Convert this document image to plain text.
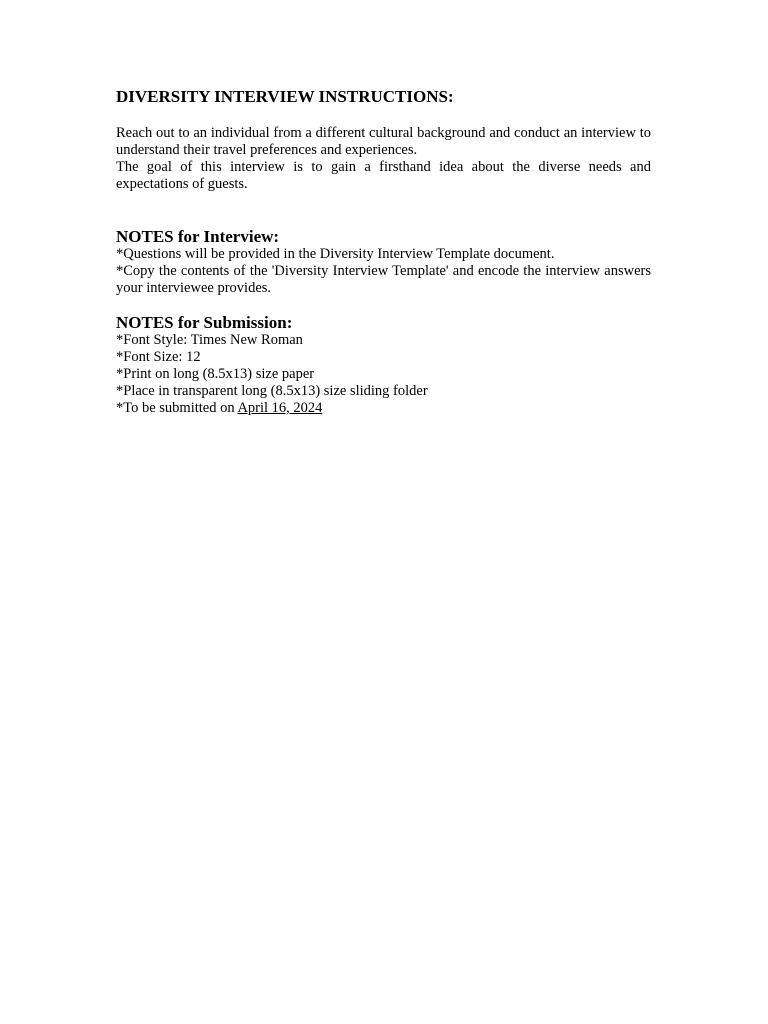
DIVERSITY INTERVIEW INSTRUCTIONS:

Reach out to an individual from a different cultural background and conduct an interview to understand their travel preferences and experiences.

The goal of this interview is to gain a firsthand idea about the diverse needs and expectations of guests.

NOTES for Interview:

*Questions will be provided in the Diversity Interview Template document.

*Copy the contents of the 'Diversity Interview Template' and encode the interview answers your interviewee provides.

NOTES for Submission:

*Font Style: Times New Roman

*Font Size: 12

*Print on long (8.5x13) size paper

*Place in transparent long (8.5x13) size sliding folder

*To be submitted on April 16, 2024
